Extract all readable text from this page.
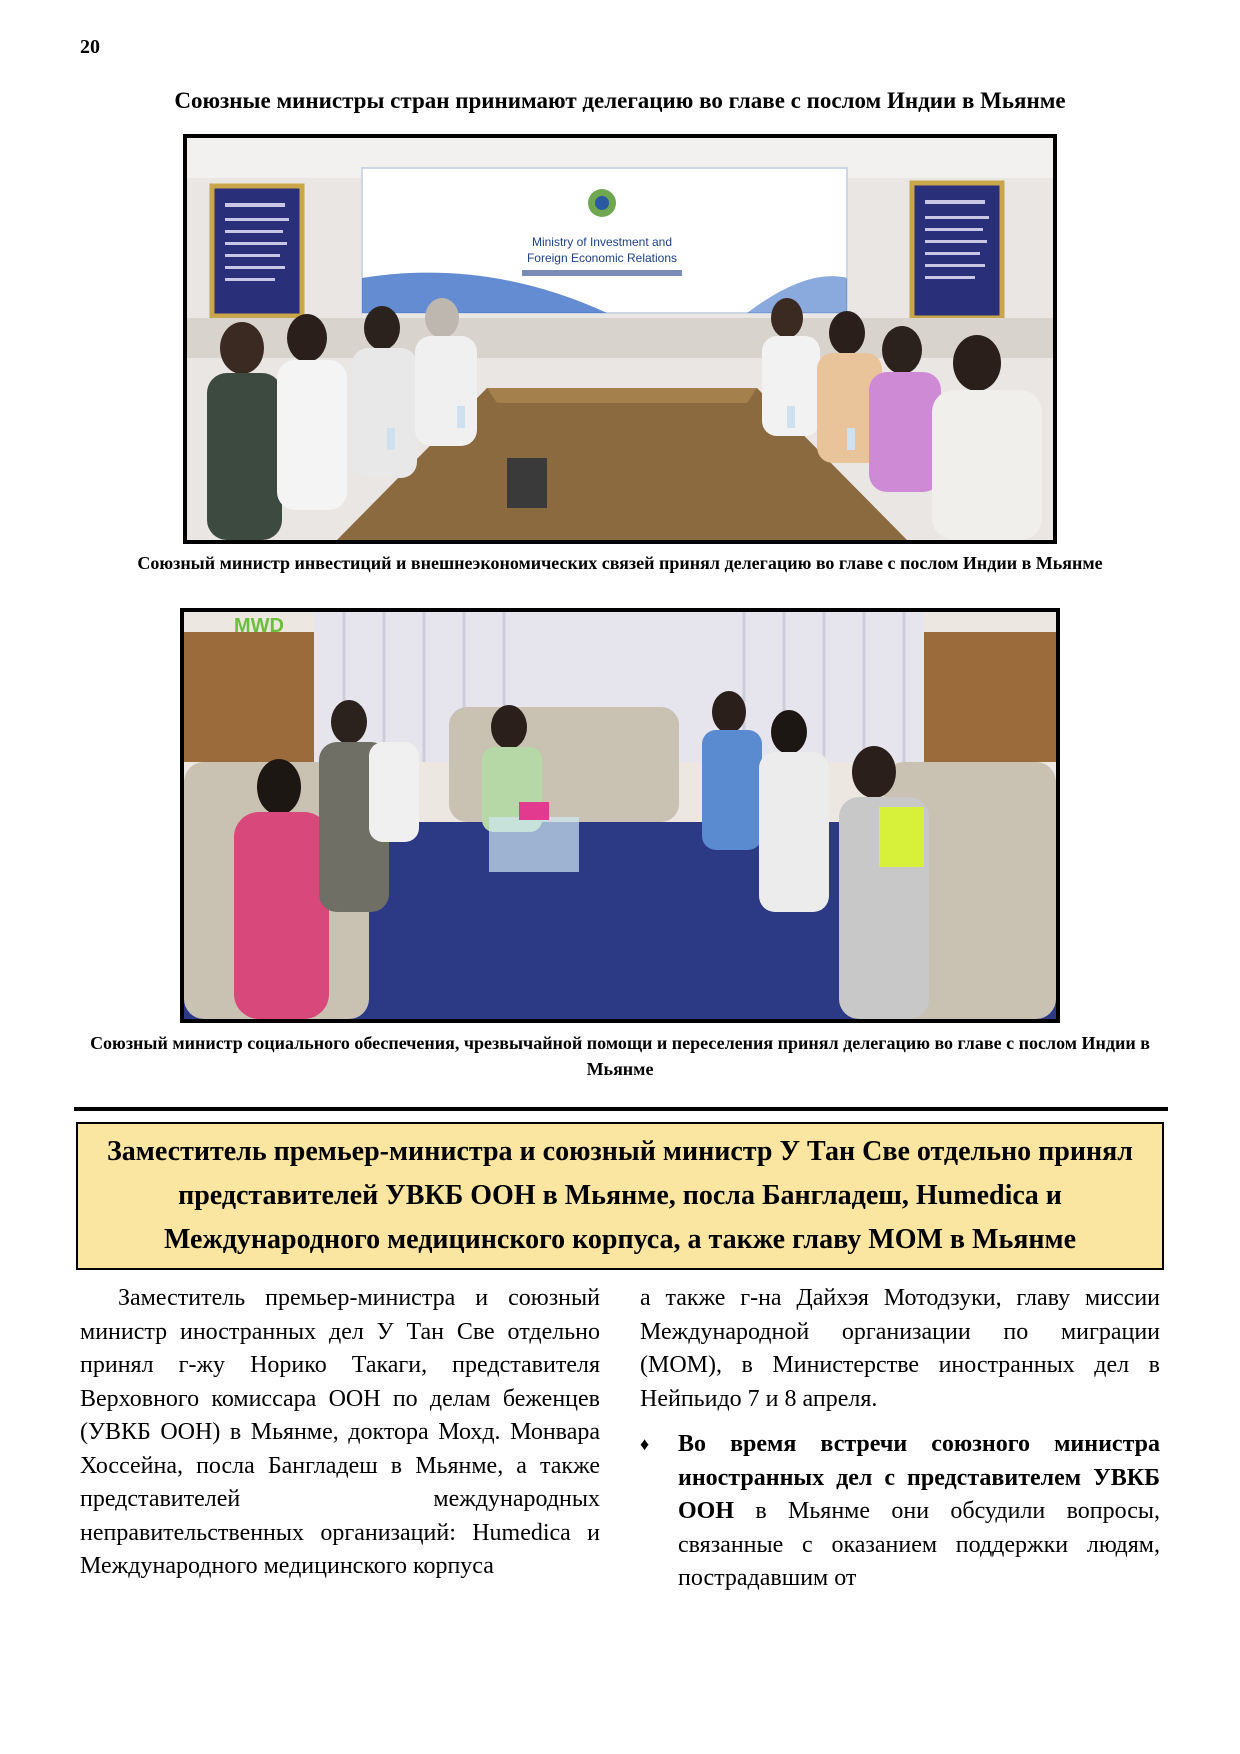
20
Союзные министры стран принимают делегацию во главе с послом Индии в Мьянме
Ministry of Investment and
Foreign Economic Relations
Союзный министр инвестиций и внешнеэкономических связей принял делегацию во главе с послом Индии в Мьянме
MWD
Союзный министр социального обеспечения, чрезвычайной помощи и переселения принял делегацию во главе с послом Индии в Мьянме
Заместитель премьер-министра и союзный министр У Тан Све отдельно принял представителей УВКБ ООН в Мьянме, посла Бангладеш, Humedica и Международного медицинского корпуса, а также главу МОМ в Мьянме
Заместитель премьер-министра и союзный министр иностранных дел У Тан Све отдельно принял г-жу Норико Такаги, представителя Верховного комиссара ООН по делам беженцев (УВКБ ООН) в Мьянме, доктора Мохд. Монвара Хоссейна, посла Бангладеш в Мьянме, а также представителей международных неправительственных организаций: Humedica и Международного медицинского корпуса
а также г-на Дайхэя Мотодзуки, главу миссии Международной организации по миграции (МОМ), в Министерстве иностранных дел в Нейпьидо 7 и 8 апреля.
♦ Во время встречи союзного министра иностранных дел с представителем УВКБ ООН в Мьянме они обсудили вопросы, связанные с оказанием поддержки людям, пострадавшим от
